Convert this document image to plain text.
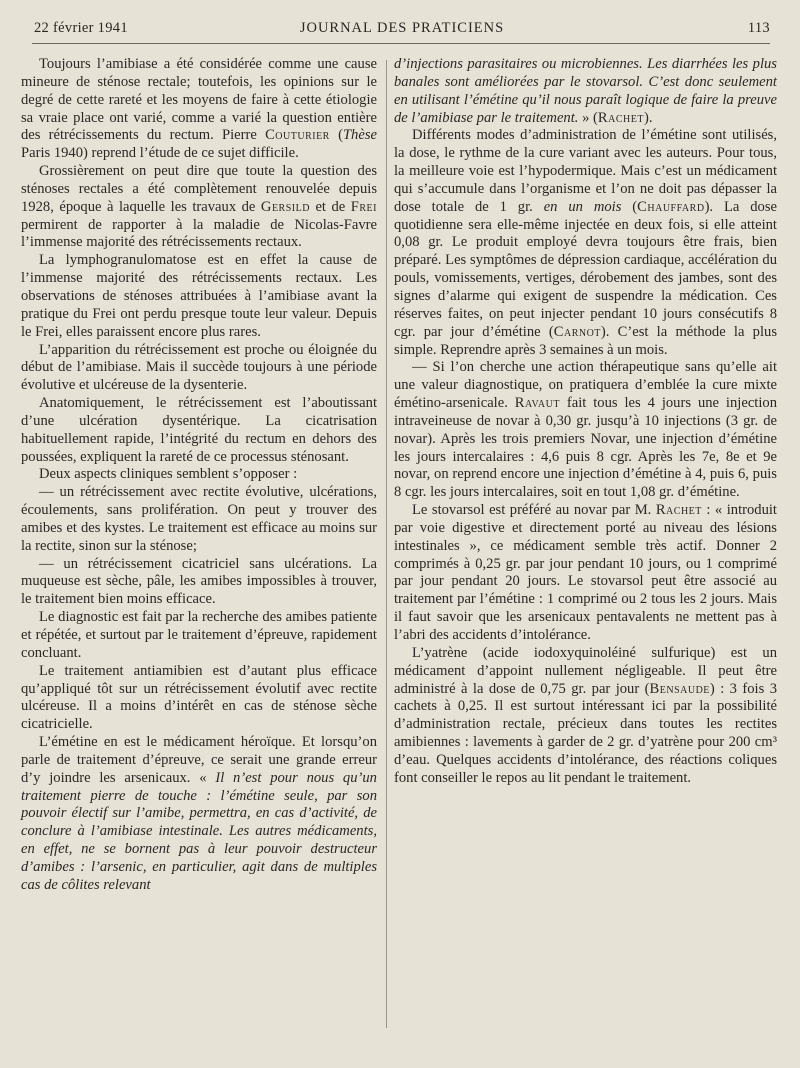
22 février 1941	JOURNAL DES PRATICIENS	113

Toujours l’amibiase a été considérée comme une cause mineure de sténose rectale; toutefois, les opinions sur le degré de cette rareté et les moyens de faire à cette étiologie sa vraie place ont varié, comme a varié la question entière des rétrécissements du rectum. Pierre Couturier (Thèse Paris 1940) reprend l’étude de ce sujet difficile.

Grossièrement on peut dire que toute la question des sténoses rectales a été complètement renouvelée depuis 1928, époque à laquelle les travaux de Gersild et de Frei permirent de rapporter à la maladie de Nicolas-Favre l’immense majorité des rétrécissements rectaux.

La lymphogranulomatose est en effet la cause de l’immense majorité des rétrécissements rectaux. Les observations de sténoses attribuées à l’amibiase avant la pratique du Frei ont perdu presque toute leur valeur. Depuis le Frei, elles paraissent encore plus rares.

L’apparition du rétrécissement est proche ou éloignée du début de l’amibiase. Mais il succède toujours à une période évolutive et ulcéreuse de la dysenterie.

Anatomiquement, le rétrécissement est l’aboutissant d’une ulcération dysentérique. La cicatrisation habituellement rapide, l’intégrité du rectum en dehors des poussées, expliquent la rareté de ce processus sténosant.

Deux aspects cliniques semblent s’opposer :

— un rétrécissement avec rectite évolutive, ulcérations, écoulements, sans prolifération. On peut y trouver des amibes et des kystes. Le traitement est efficace au moins sur la rectite, sinon sur la sténose;

— un rétrécissement cicatriciel sans ulcérations. La muqueuse est sèche, pâle, les amibes impossibles à trouver, le traitement bien moins efficace.

Le diagnostic est fait par la recherche des amibes patiente et répétée, et surtout par le traitement d’épreuve, rapidement concluant.

Le traitement antiamibien est d’autant plus efficace qu’appliqué tôt sur un rétrécissement évolutif avec rectite ulcéreuse. Il a moins d’intérêt en cas de sténose sèche cicatricielle.

L’émétine en est le médicament héroïque. Et lorsqu’on parle de traitement d’épreuve, ce serait une grande erreur d’y joindre les arsenicaux. « Il n’est pour nous qu’un traitement pierre de touche : l’émétine seule, par son pouvoir électif sur l’amibe, permettra, en cas d’activité, de conclure à l’amibiase intestinale. Les autres médicaments, en effet, ne se bornent pas à leur pouvoir destructeur d’amibes : l’arsenic, en particulier, agit dans de multiples cas de côlites relevant

d’injections parasitaires ou microbiennes. Les diarrhées les plus banales sont améliorées par le stovarsol. C’est donc seulement en utilisant l’émétine qu’il nous paraît logique de faire la preuve de l’amibiase par le traitement. » (Rachet).

Différents modes d’administration de l’émétine sont utilisés, la dose, le rythme de la cure variant avec les auteurs. Pour tous, la meilleure voie est l’hypodermique. Mais c’est un médicament qui s’accumule dans l’organisme et l’on ne doit pas dépasser la dose totale de 1 gr. en un mois (Chauffard). La dose quotidienne sera elle-même injectée en deux fois, si elle atteint 0,08 gr. Le produit employé devra toujours être frais, bien préparé. Les symptômes de dépression cardiaque, accélération du pouls, vomissements, vertiges, dérobement des jambes, sont des signes d’alarme qui exigent de suspendre la médication. Ces réserves faites, on peut injecter pendant 10 jours consécutifs 8 cgr. par jour d’émétine (Carnot). C’est la méthode la plus simple. Reprendre après 3 semaines à un mois.

— Si l’on cherche une action thérapeutique sans qu’elle ait une valeur diagnostique, on pratiquera d’emblée la cure mixte émétino-arsenicale. Ravaut fait tous les 4 jours une injection intraveineuse de novar à 0,30 gr. jusqu’à 10 injections (3 gr. de novar). Après les trois premiers Novar, une injection d’émétine les jours intercalaires : 4,6 puis 8 cgr. Après les 7e, 8e et 9e novar, on reprend encore une injection d’émétine à 4, puis 6, puis 8 cgr. les jours intercalaires, soit en tout 1,08 gr. d’émétine.

Le stovarsol est préféré au novar par M. Rachet : « introduit par voie digestive et directement porté au niveau des lésions intestinales », ce médicament semble très actif. Donner 2 comprimés à 0,25 gr. par jour pendant 10 jours, ou 1 comprimé par jour pendant 20 jours. Le stovarsol peut être associé au traitement par l’émétine : 1 comprimé ou 2 tous les 2 jours. Mais il faut savoir que les arsenicaux pentavalents ne mettent pas à l’abri des accidents d’intolérance.

L’yatrène (acide iodoxyquinoléiné sulfurique) est un médicament d’appoint nullement négligeable. Il peut être administré à la dose de 0,75 gr. par jour (Bensaude) : 3 fois 3 cachets à 0,25. Il est surtout intéressant ici par la possibilité d’administration rectale, précieux dans toutes les rectites amibiennes : lavements à garder de 2 gr. d’yatrène pour 200 cm³ d’eau. Quelques accidents d’intolérance, des réactions coliques font conseiller le repos au lit pendant le traitement.
